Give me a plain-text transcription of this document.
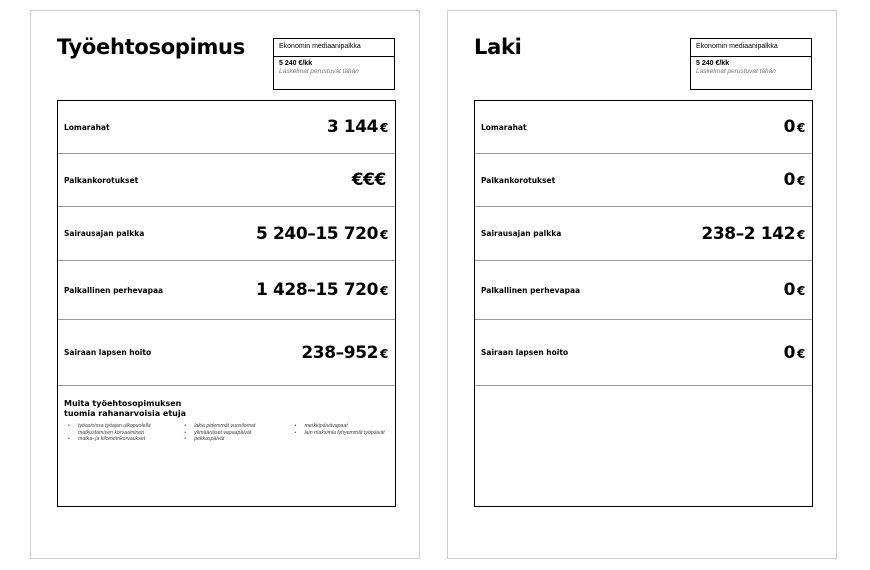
Työehtosopimus	Ekonomin mediaanipalkka
5 240 €/kk
Laskelmat perustuvat tähän
Lomarahat	3 144 €
Palkankorotukset	€€€
Sairausajan palkka	5 240–15 720 €
Palkallinen perhevapaa	1 428–15 720 €
Sairaan lapsen hoito	238–952 €
Muita työehtosopimuksen tuomia rahanarvoisia etuja
• työasioissa työajan ulkopuolella matkustamisen korvaaminen
• matka- ja kilometrikorvaukset
• lakia pidemmät vuosilomat
• ylimääräiset vapaapäivät
• pekkaspäivät
• merkkipäivävapaat
• lain maksimia lyhyemmät työpäivät
Laki	Ekonomin mediaanipalkka
5 240 €/kk
Laskelmat perustuvat tähän
Lomarahat	0 €
Palkankorotukset	0 €
Sairausajan palkka	238–2 142 €
Palkallinen perhevapaa	0 €
Sairaan lapsen hoito	0 €
